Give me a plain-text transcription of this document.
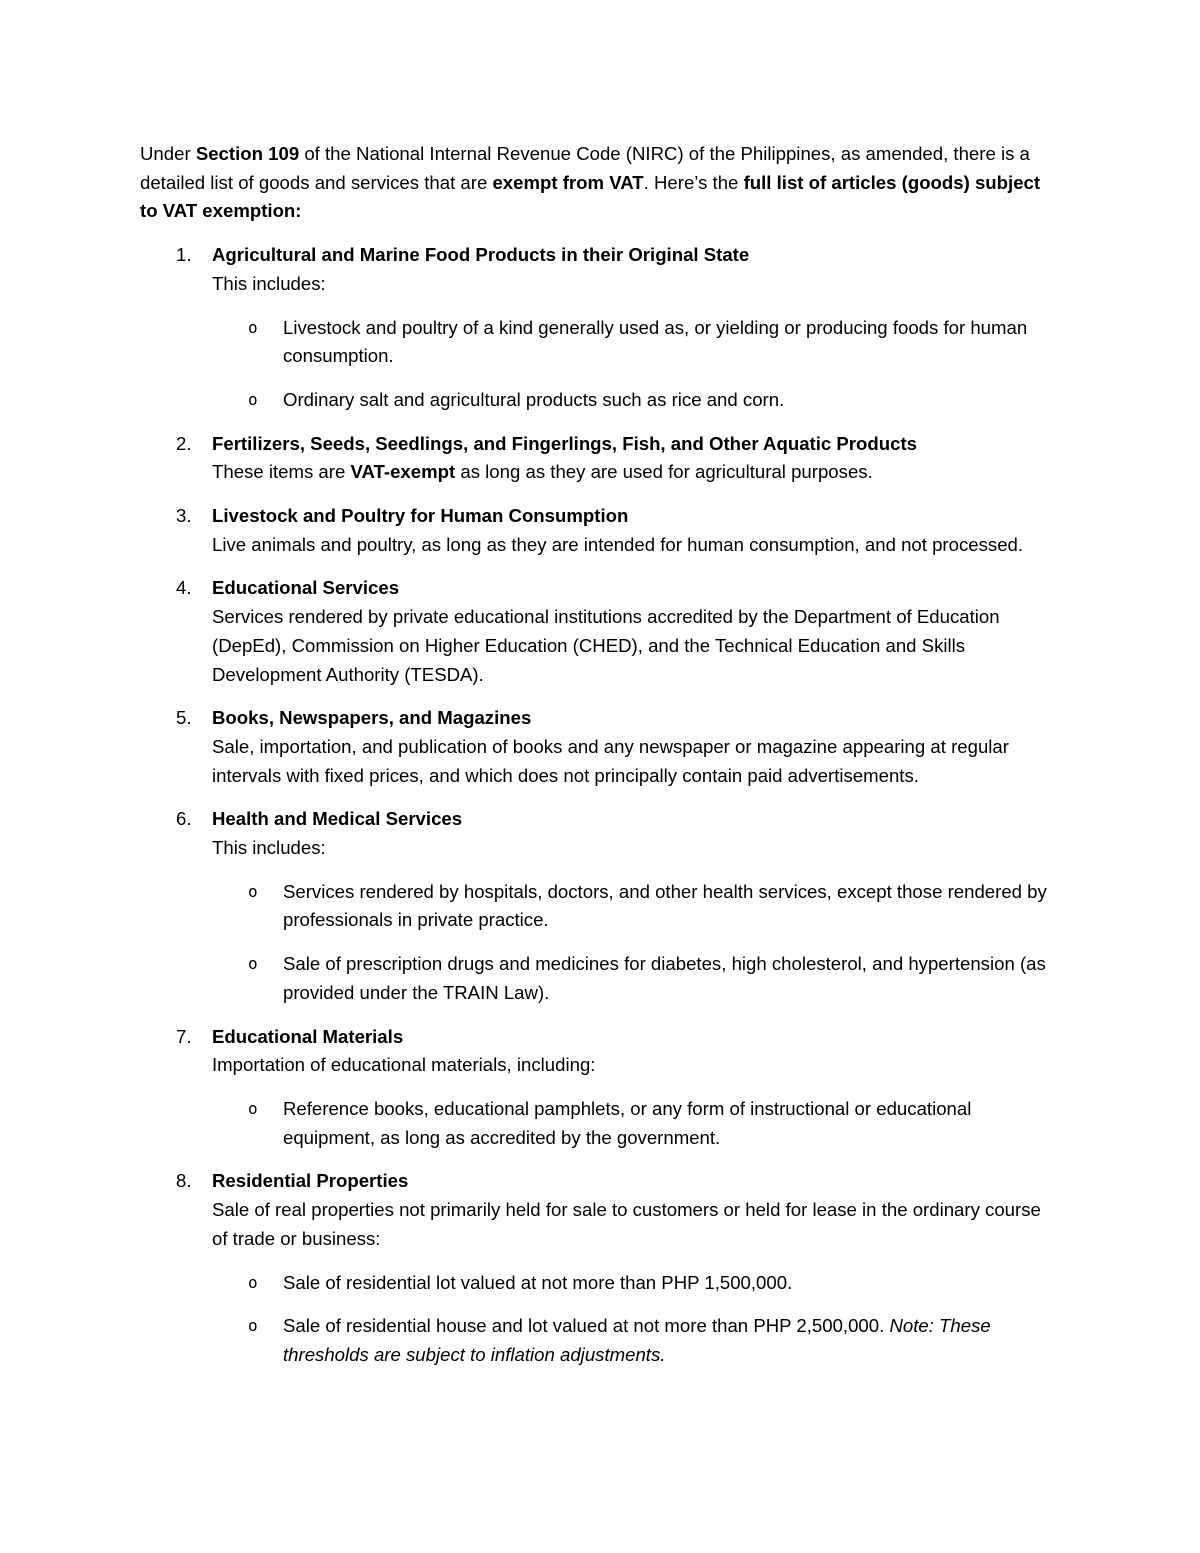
Under Section 109 of the National Internal Revenue Code (NIRC) of the Philippines, as amended, there is a detailed list of goods and services that are exempt from VAT. Here’s the full list of articles (goods) subject to VAT exemption:

1. Agricultural and Marine Food Products in their Original State
This includes:
o Livestock and poultry of a kind generally used as, or yielding or producing foods for human consumption.
o Ordinary salt and agricultural products such as rice and corn.
2. Fertilizers, Seeds, Seedlings, and Fingerlings, Fish, and Other Aquatic Products
These items are VAT-exempt as long as they are used for agricultural purposes.
3. Livestock and Poultry for Human Consumption
Live animals and poultry, as long as they are intended for human consumption, and not processed.
4. Educational Services
Services rendered by private educational institutions accredited by the Department of Education (DepEd), Commission on Higher Education (CHED), and the Technical Education and Skills Development Authority (TESDA).
5. Books, Newspapers, and Magazines
Sale, importation, and publication of books and any newspaper or magazine appearing at regular intervals with fixed prices, and which does not principally contain paid advertisements.
6. Health and Medical Services
This includes:
o Services rendered by hospitals, doctors, and other health services, except those rendered by professionals in private practice.
o Sale of prescription drugs and medicines for diabetes, high cholesterol, and hypertension (as provided under the TRAIN Law).
7. Educational Materials
Importation of educational materials, including:
o Reference books, educational pamphlets, or any form of instructional or educational equipment, as long as accredited by the government.
8. Residential Properties
Sale of real properties not primarily held for sale to customers or held for lease in the ordinary course of trade or business:
o Sale of residential lot valued at not more than PHP 1,500,000.
o Sale of residential house and lot valued at not more than PHP 2,500,000. Note: These thresholds are subject to inflation adjustments.
